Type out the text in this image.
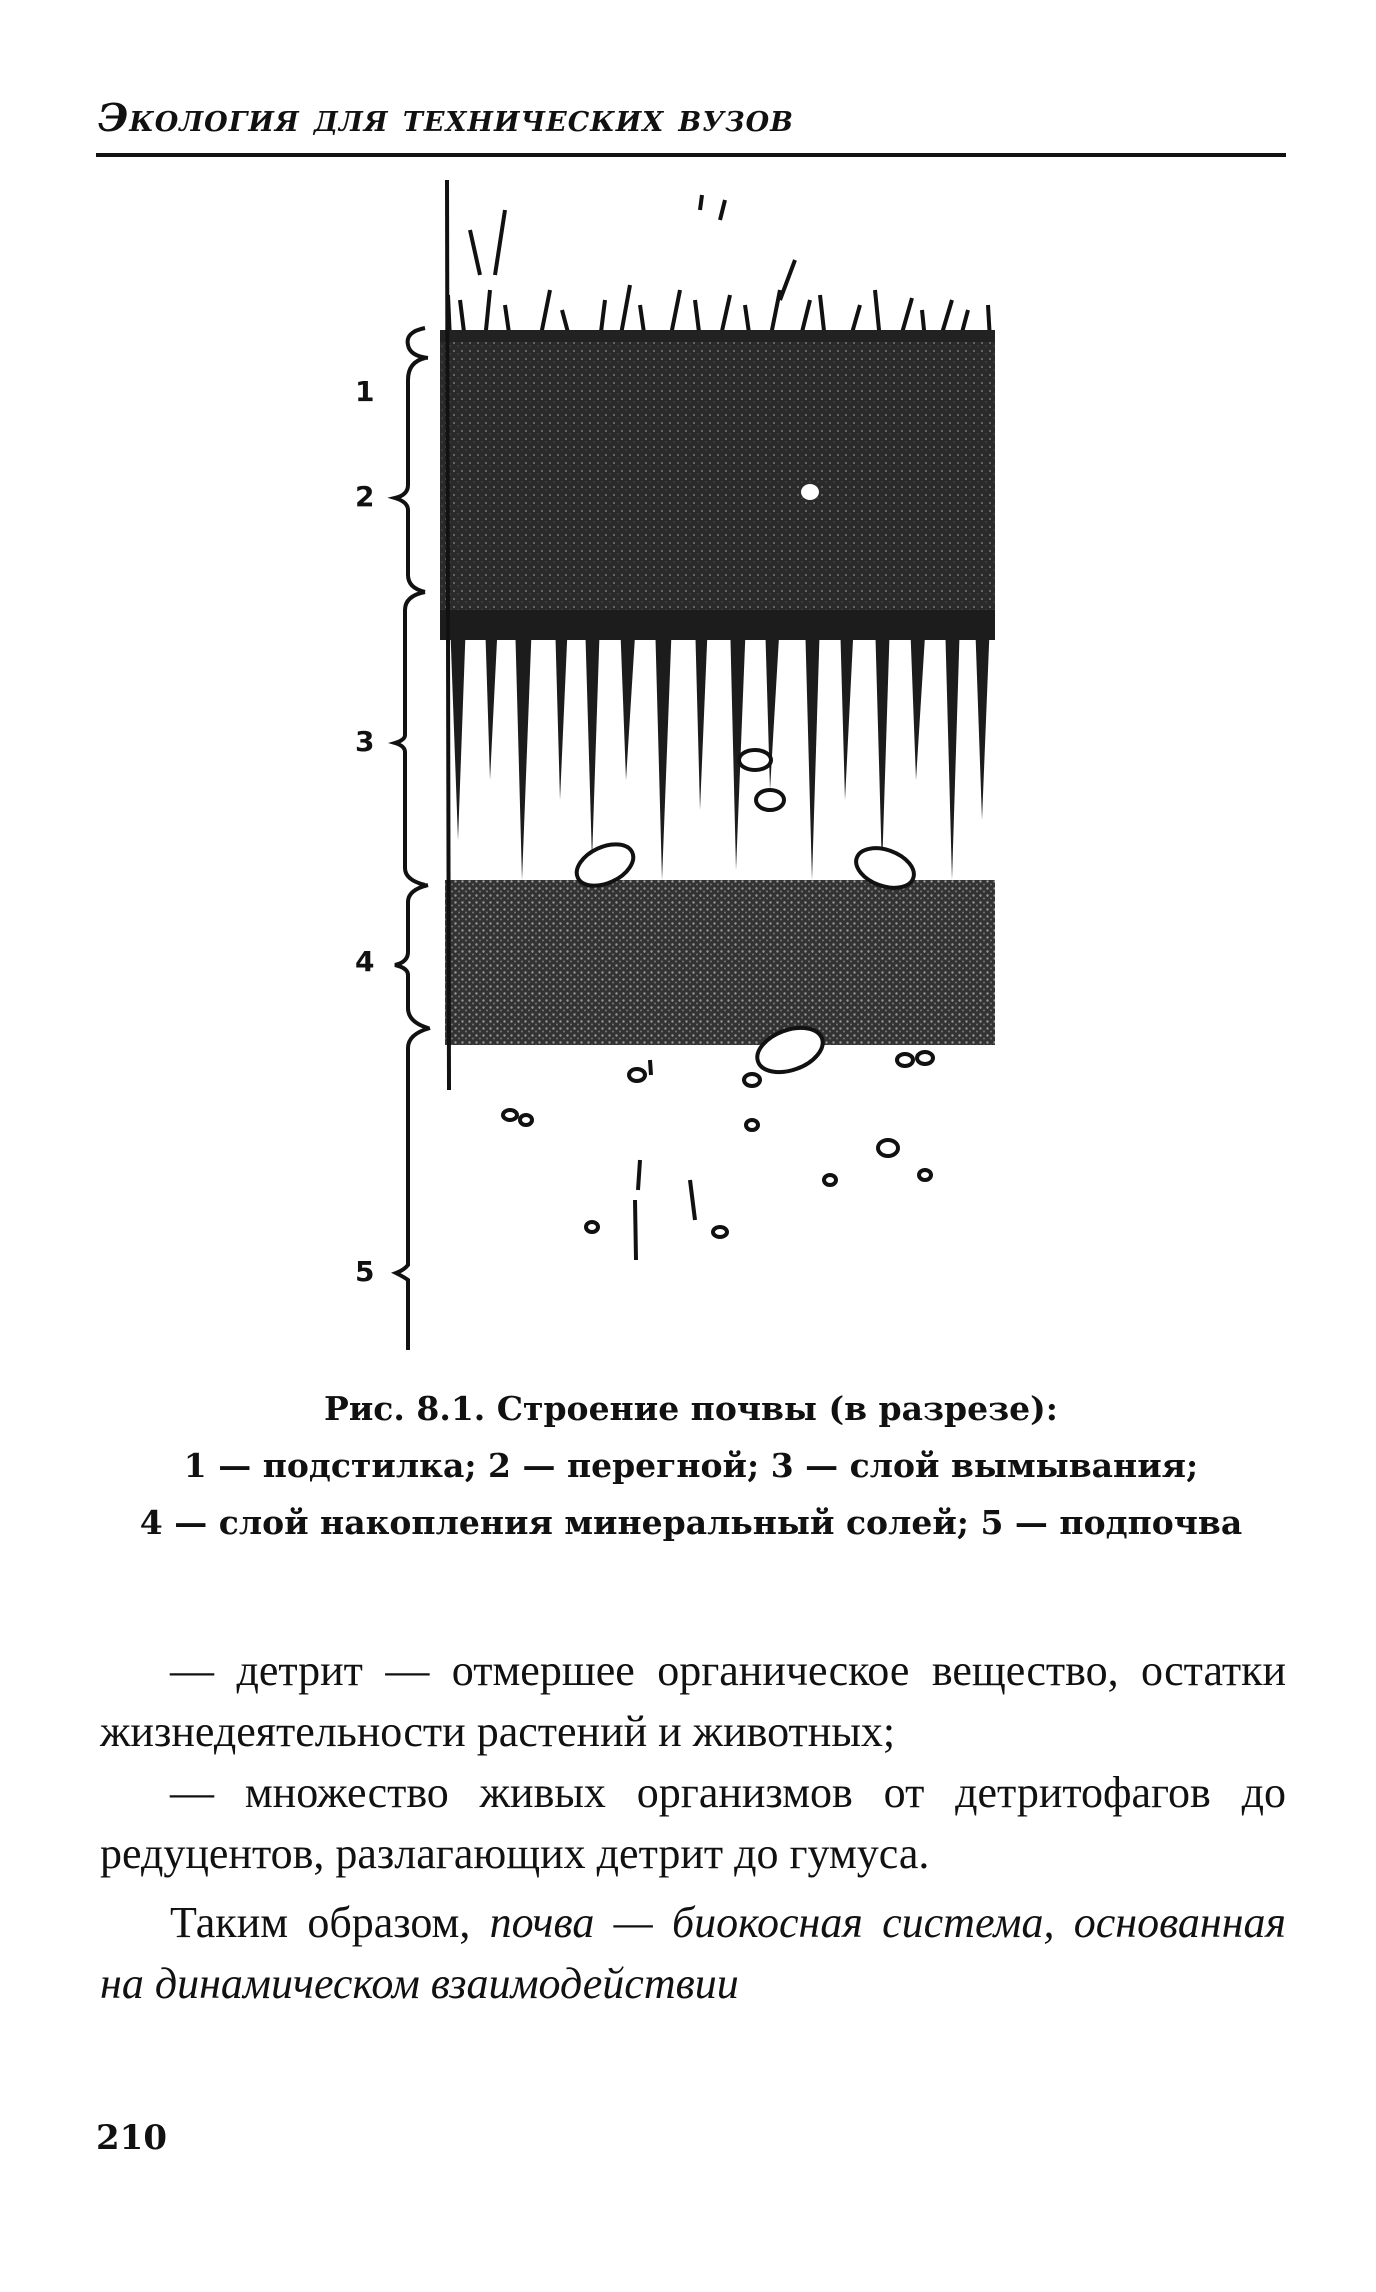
Экология для технических вузов
1
2
3
4
5
Рис. 8.1. Строение почвы (в разрезе):
1 — подстилка; 2 — перегной; 3 — слой вымывания;
4 — слой накопления минеральный солей; 5 — подпочва

— детрит — отмершее органическое вещество, остатки жизнедеятельности растений и животных;

— множество живых организмов от детритофагов до редуцентов, разлагающих детрит до гумуса.

Таким образом, почва — биокосная система, основанная на динамическом взаимодействии

210
